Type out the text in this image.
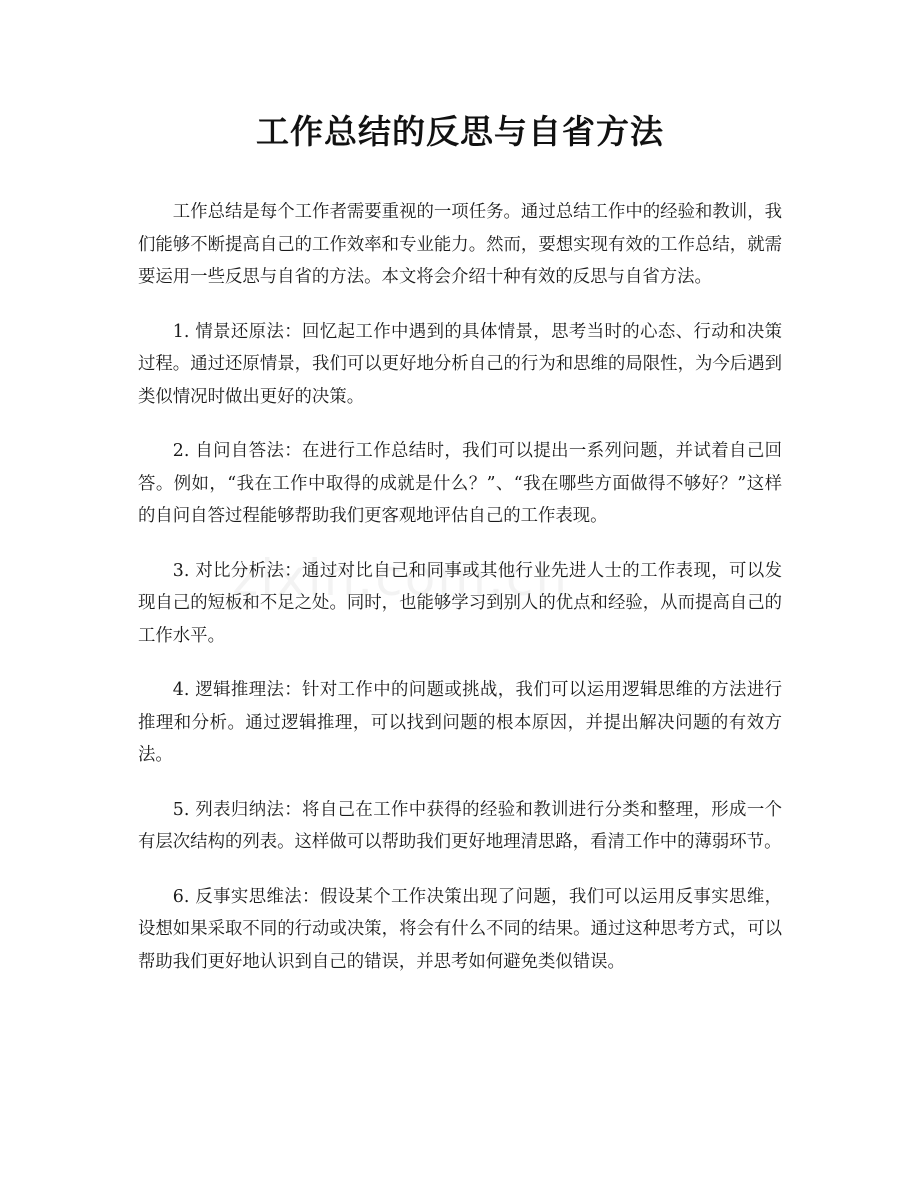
工作总结的反思与自省方法

工作总结是每个工作者需要重视的一项任务。通过总结工作中的经验和教训，我们能够不断提高自己的工作效率和专业能力。然而，要想实现有效的工作总结，就需要运用一些反思与自省的方法。本文将会介绍十种有效的反思与自省方法。

1. 情景还原法：回忆起工作中遇到的具体情景，思考当时的心态、行动和决策过程。通过还原情景，我们可以更好地分析自己的行为和思维的局限性，为今后遇到类似情况时做出更好的决策。

2. 自问自答法：在进行工作总结时，我们可以提出一系列问题，并试着自己回答。例如，“我在工作中取得的成就是什么？”、“我在哪些方面做得不够好？”这样的自问自答过程能够帮助我们更客观地评估自己的工作表现。

3. 对比分析法：通过对比自己和同事或其他行业先进人士的工作表现，可以发现自己的短板和不足之处。同时，也能够学习到别人的优点和经验，从而提高自己的工作水平。

4. 逻辑推理法：针对工作中的问题或挑战，我们可以运用逻辑思维的方法进行推理和分析。通过逻辑推理，可以找到问题的根本原因，并提出解决问题的有效方法。

5. 列表归纳法：将自己在工作中获得的经验和教训进行分类和整理，形成一个有层次结构的列表。这样做可以帮助我们更好地理清思路，看清工作中的薄弱环节。

6. 反事实思维法：假设某个工作决策出现了问题，我们可以运用反事实思维，设想如果采取不同的行动或决策，将会有什么不同的结果。通过这种思考方式，可以帮助我们更好地认识到自己的错误，并思考如何避免类似错误。
